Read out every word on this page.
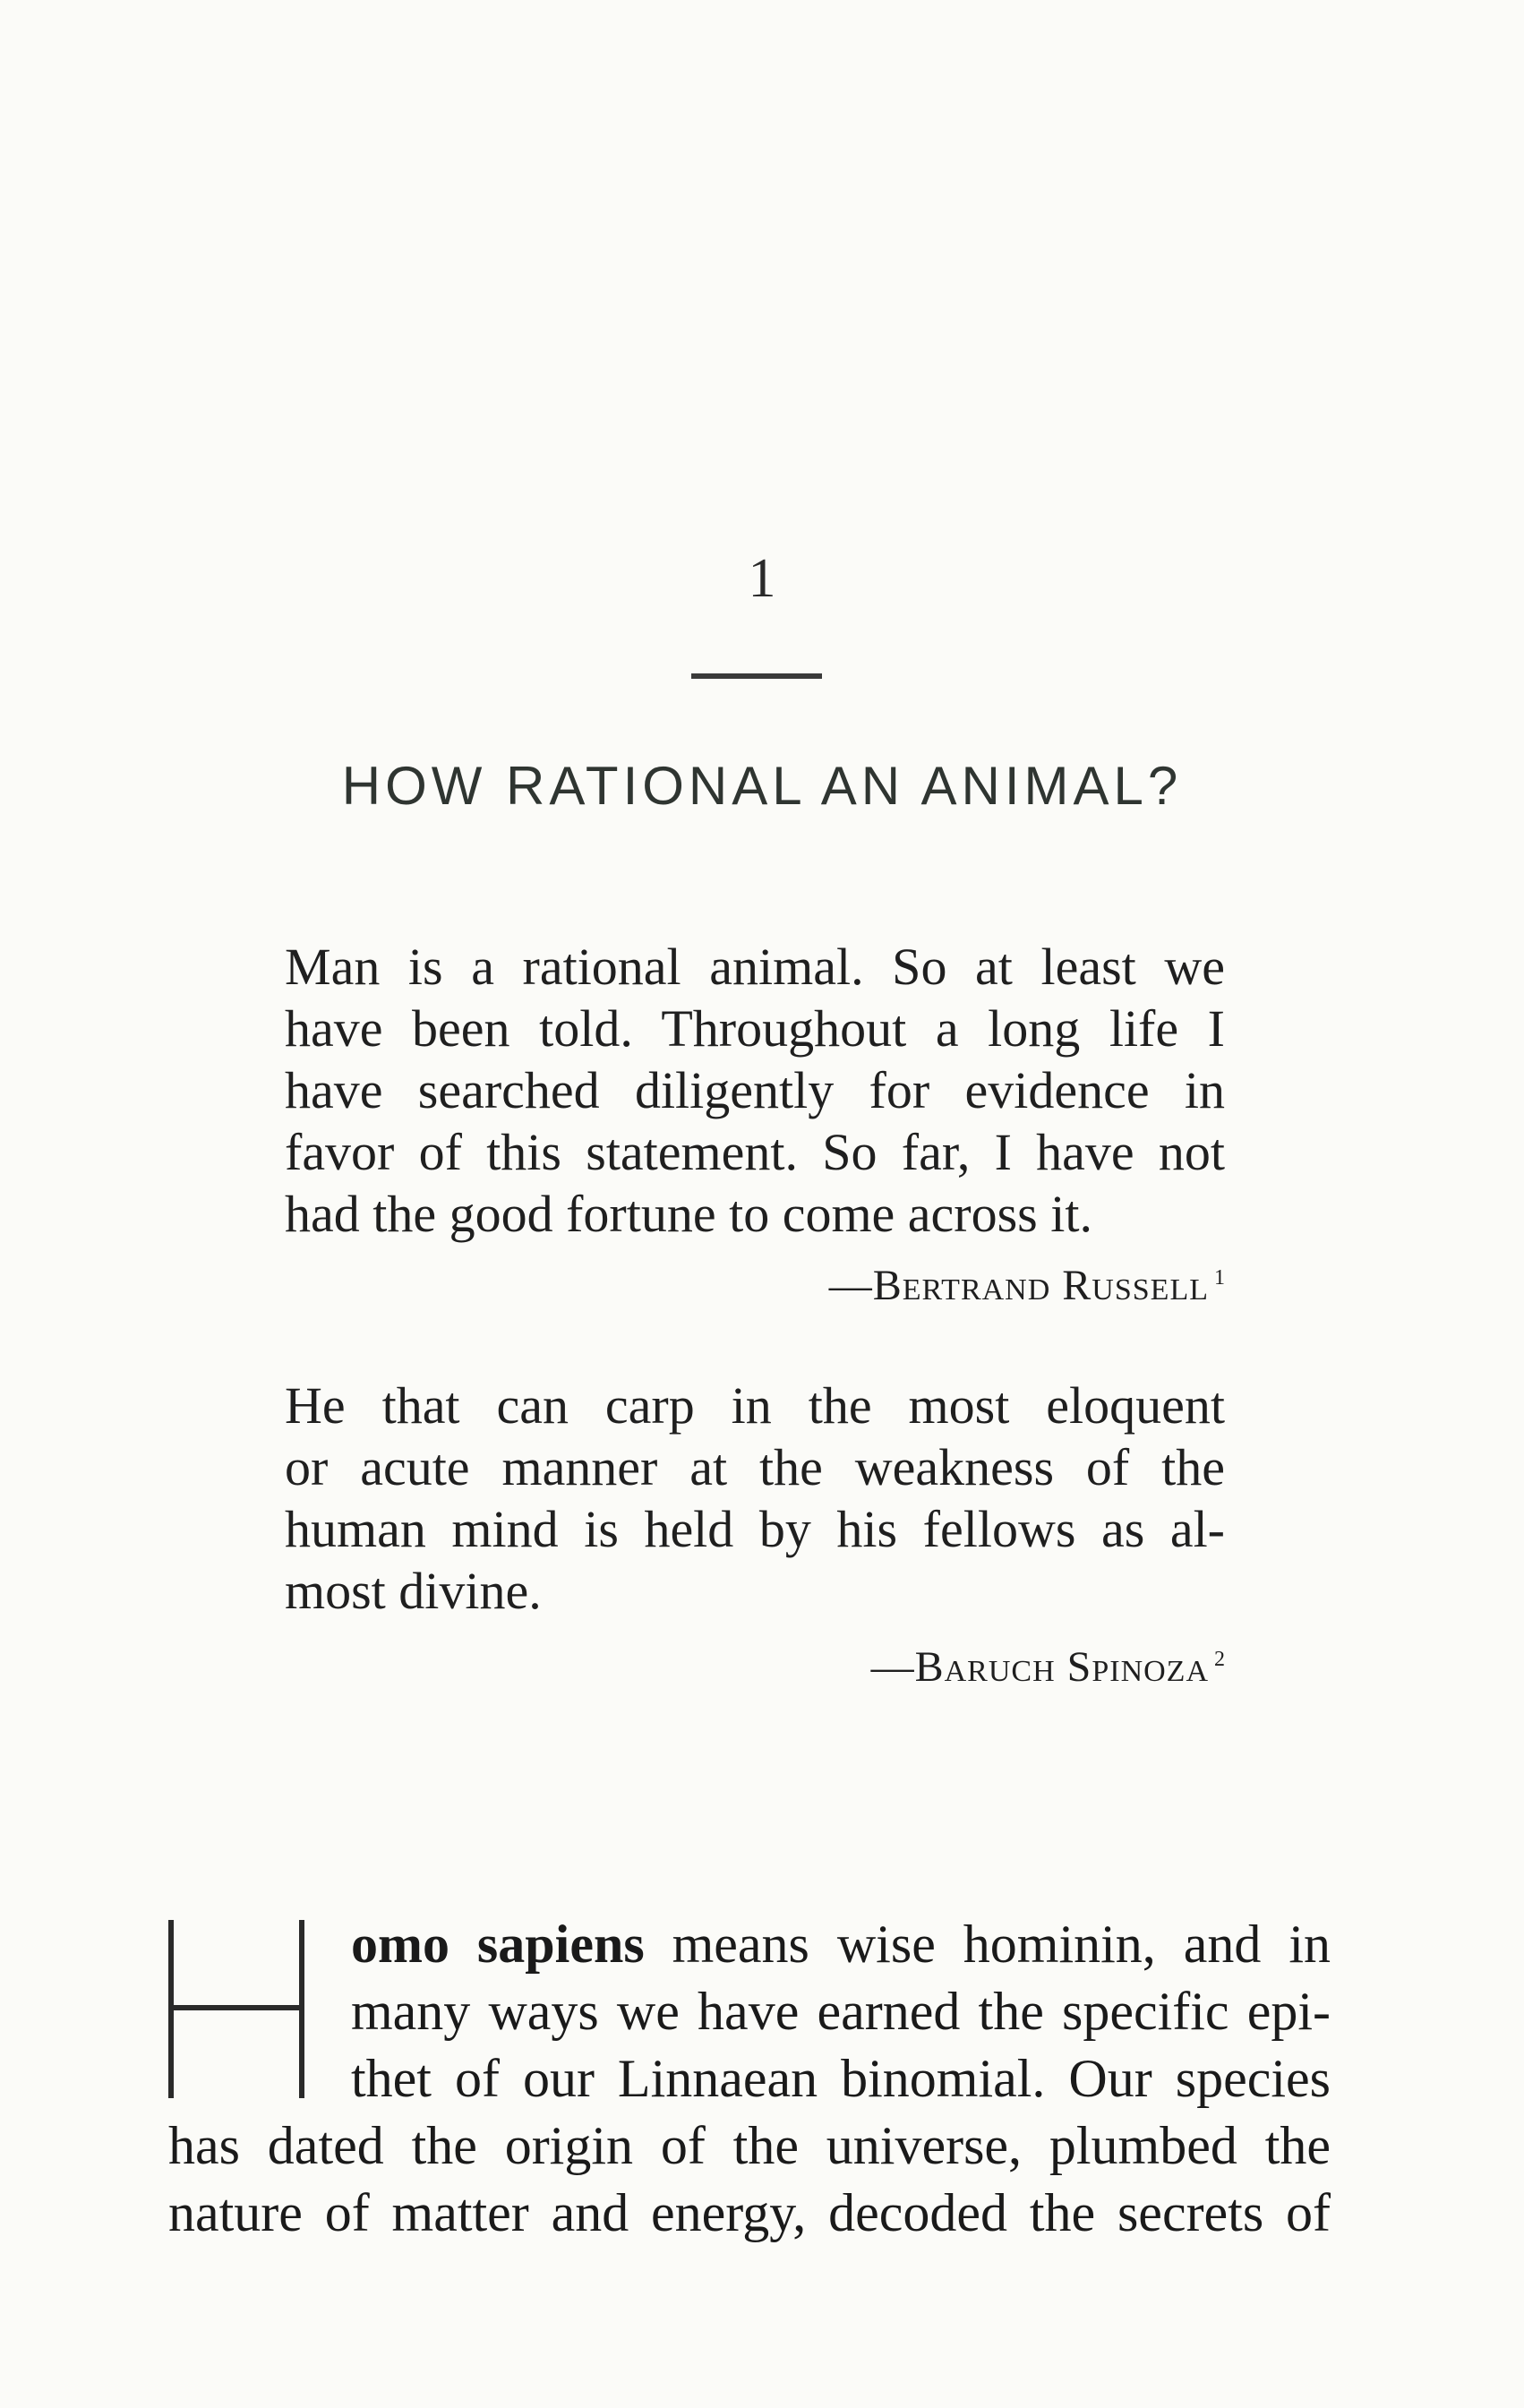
1
HOW RATIONAL AN ANIMAL?
Man is a rational animal. So at least we
have been told. Throughout a long life I
have searched diligently for evidence in
favor of this statement. So far, I have not
had the good fortune to come across it.
—Bertrand Russell $^1$
He that can carp in the most eloquent
or acute manner at the weakness of the
human mind is held by his fellows as al-
most divine.
—Baruch Spinoza $^2$
omo sapiens means wise hominin, and in
many ways we have earned the specific epi-
thet of our Linnaean binomial. Our species
has dated the origin of the universe, plumbed the
nature of matter and energy, decoded the secrets of
